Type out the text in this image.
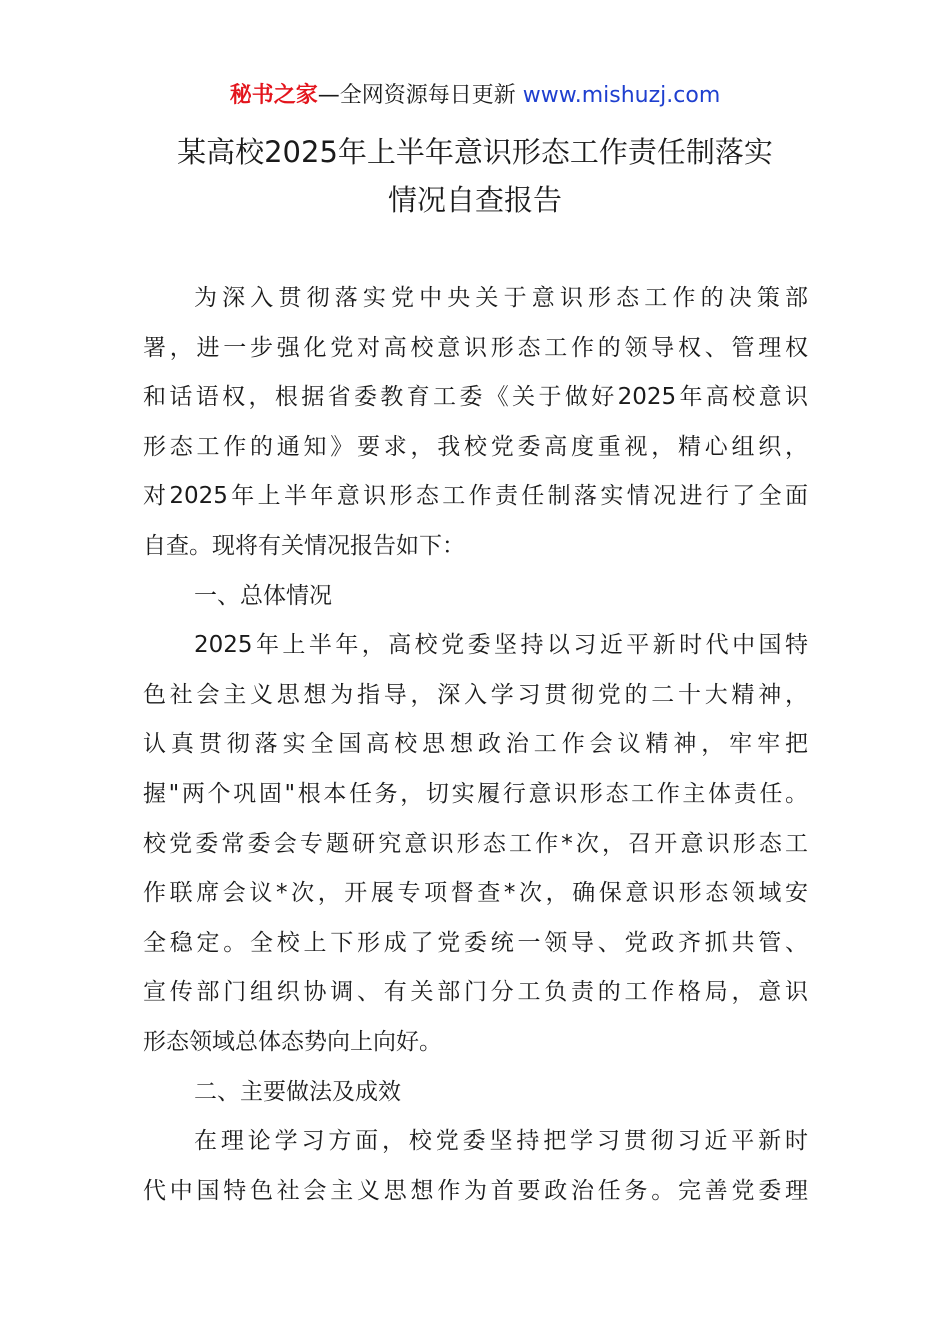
秘书之家—全网资源每日更新 www.mishuzj.com
某高校2025年上半年意识形态工作责任制落实
情况自查报告
为深入贯彻落实党中央关于意识形态工作的决策部
署，进一步强化党对高校意识形态工作的领导权、管理权
和话语权，根据省委教育工委《关于做好2025年高校意识
形态工作的通知》要求，我校党委高度重视，精心组织，
对2025年上半年意识形态工作责任制落实情况进行了全面
自查。现将有关情况报告如下：
一、总体情况
2025年上半年，高校党委坚持以习近平新时代中国特
色社会主义思想为指导，深入学习贯彻党的二十大精神，
认真贯彻落实全国高校思想政治工作会议精神，牢牢把
握"两个巩固"根本任务，切实履行意识形态工作主体责任。
校党委常委会专题研究意识形态工作*次，召开意识形态工
作联席会议*次，开展专项督查*次，确保意识形态领域安
全稳定。全校上下形成了党委统一领导、党政齐抓共管、
宣传部门组织协调、有关部门分工负责的工作格局，意识
形态领域总体态势向上向好。
二、主要做法及成效
在理论学习方面，校党委坚持把学习贯彻习近平新时
代中国特色社会主义思想作为首要政治任务。完善党委理
